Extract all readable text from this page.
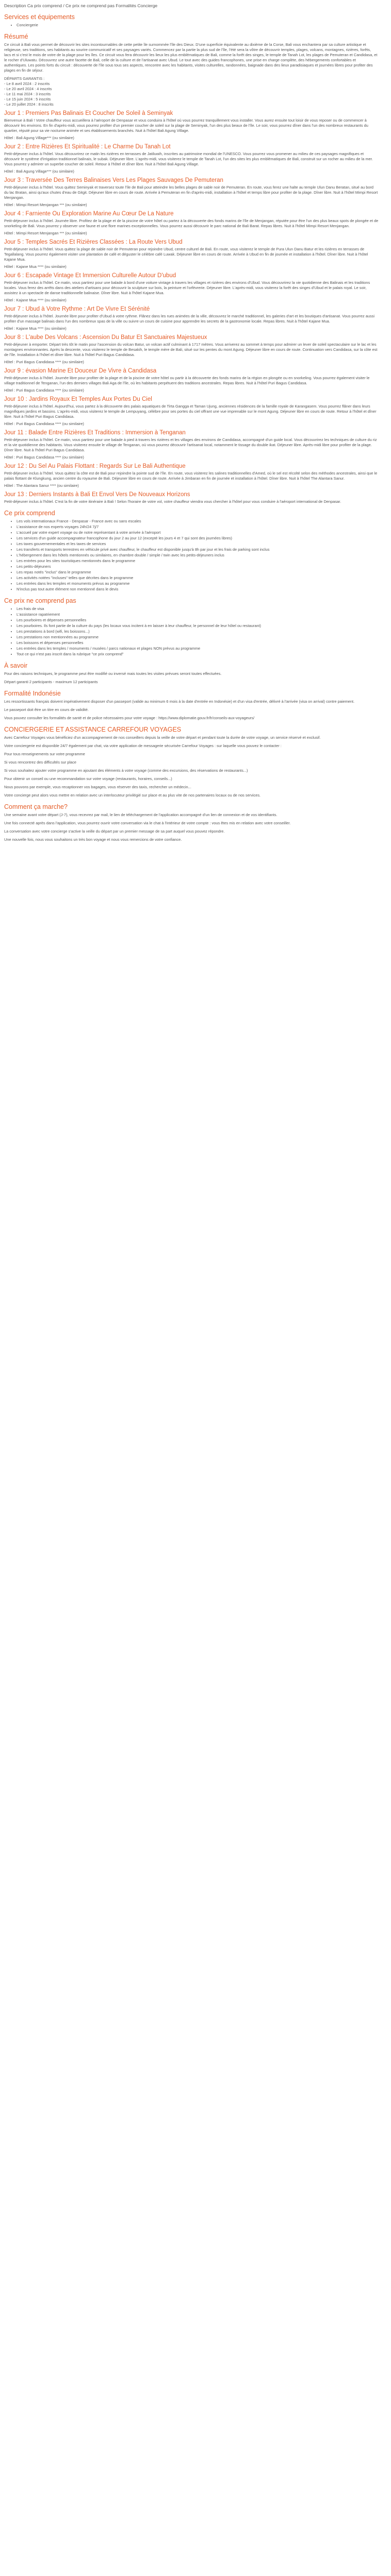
Description Ca prix comprend / Ce prix ne comprend pas Formalités Concierge
Services et équipements
• Conciergerie
Résumé

Ce circuit à Bali vous permet de découvrir les sites incontournables de cette petite île surnommée l'île des Dieux. D'une superficie équivalente au dixième de la Corse, Bali vous enchantera par sa culture artistique et religieuse, ses traditions, ses habitants au sourire communicatif et ses paysages variés. Commencez par la partie la plus sud de l'île, l'été sera la vôtre de découvrir temples, plages, volcans, montagnes, rizières, forêts, lacs et si c'est le mois de votre de la plage pour les îles. Ce circuit vous fera découvrir les lieux les plus emblématiques de Bali, comme la forêt des singes, le temple de Tanah Lot, les plages de Pemuteran et Candidasa, et le rocher d'Uluwatu. Découvrez une autre facette de Bali, celle de la culture et de l'artisanat avec Ubud. Le tout avec des guides francophones, une prise en charge complète, des hébergements confortables et authentiques. Les points forts du circuit : découverte de l'île sous tous ses aspects, rencontre avec les habitants, visites culturelles, randonnées, baignade dans des lieux paradisiaques et journées libres pour profiter des plages en fin de séjour.

DÉPARTS GARANTIS :
- Le 8 avril 2024 : 2 inscrits
- Le 20 avril 2024 : 4 inscrits
- Le 11 mai 2024 : 3 inscrits
- Le 15 juin 2024 : 5 inscrits
- Le 20 juillet 2024 : 8 inscrits
Jour 1 : Premiers Pas Balinais Et Coucher De Soleil à Seminyak

Bienvenue à Bali ! Votre chauffeur vous accueillera à l'aéroport de Denpasar et vous conduira à l'hôtel où vous pourrez tranquillement vous installer. Vous aurez ensuite tout loisir de vous reposer ou de commencer à découvrir les environs. En fin d'après-midi, vous pourrez profiter d'un premier coucher de soleil sur la plage de Seminyak, l'un des plus beaux de l'île. Le soir, vous pourrez dîner dans l'un des nombreux restaurants du quartier, réputé pour sa vie nocturne animée et ses établissements branchés. Nuit à l'hôtel Bali Agung Village.

Hôtel : Bali Agung Village*** (ou similaire)

Jour 2 : Entre Rizières Et Spiritualité : Le Charme Du Tanah Lot

Petit-déjeuner inclus à l'hôtel. Vous découvrirez ce matin les rizières en terrasses de Jatiluwih, inscrites au patrimoine mondial de l'UNESCO. Vous pourrez vous promener au milieu de ces paysages magnifiques et découvrir le système d'irrigation traditionnel balinais, le subak. Déjeuner libre. L'après-midi, vous visiterez le temple de Tanah Lot, l'un des sites les plus emblématiques de Bali, construit sur un rocher au milieu de la mer. Vous pourrez y admirer un superbe coucher de soleil. Retour à l'hôtel et dîner libre. Nuit à l'hôtel Bali Agung Village.

Hôtel : Bali Agung Village*** (ou similaire)

Jour 3 : Traversée Des Terres Balinaises Vers Les Plages Sauvages De Pemuteran

Petit-déjeuner inclus à l'hôtel. Vous quittez Seminyak et traversez toute l'île de Bali pour atteindre les belles plages de sable noir de Pemuteran. En route, vous ferez une halte au temple Ulun Danu Beratan, situé au bord du lac Bratan, ainsi qu'aux chutes d'eau de Gitgit. Déjeuner libre en cours de route. Arrivée à Pemuteran en fin d'après-midi, installation à l'hôtel et temps libre pour profiter de la plage. Dîner libre. Nuit à l'hôtel Mimpi Resort Menjangan.

Hôtel : Mimpi Resort Menjangan *** (ou similaire)

Jour 4 : Farniente Ou Exploration Marine Au Cœur De La Nature

Petit-déjeuner inclus à l'hôtel. Journée libre. Profitez de la plage et de la piscine de votre hôtel ou partez à la découverte des fonds marins de l'île de Menjangan, réputée pour être l'un des plus beaux spots de plongée et de snorkeling de Bali. Vous pourrez y observer une faune et une flore marines exceptionnelles. Vous pourrez aussi découvrir le parc national de Bali Barat. Repas libres. Nuit à l'hôtel Mimpi Resort Menjangan.

Hôtel : Mimpi Resort Menjangan *** (ou similaire)

Jour 5 : Temples Sacrés Et Rizières Classées : La Route Vers Ubud

Petit-déjeuner inclus à l'hôtel. Vous quittez la plage de sable noir de Pemuteran pour rejoindre Ubud, centre culturel de Bali. En route, vous visiterez le temple de Pura Ulun Danu Batur et les rizières en terrasses de Tegallalang. Vous pourrez également visiter une plantation de café et déguster le célèbre café Luwak. Déjeuner libre en cours de route. Arrivée à Ubud en fin de journée et installation à l'hôtel. Dîner libre. Nuit à l'hôtel Kajane Mua.

Hôtel : Kajane Mua **** (ou similaire)

Jour 6 : Escapade Vintage Et Immersion Culturelle Autour D'ubud

Petit-déjeuner inclus à l'hôtel. Ce matin, vous partirez pour une balade à bord d'une voiture vintage à travers les villages et rizières des environs d'Ubud. Vous découvrirez la vie quotidienne des Balinais et les traditions locales. Vous ferez des arrêts dans des ateliers d'artisans pour découvrir la sculpture sur bois, la peinture et l'orfèvrerie. Déjeuner libre. L'après-midi, vous visiterez la forêt des singes d'Ubud et le palais royal. Le soir, assistez à un spectacle de danse traditionnelle balinaise. Dîner libre. Nuit à l'hôtel Kajane Mua.

Hôtel : Kajane Mua **** (ou similaire)

Jour 7 : Ubud à Votre Rythme : Art De Vivre Et Sérénité

Petit-déjeuner inclus à l'hôtel. Journée libre pour profiter d'Ubud à votre rythme. Flânez dans les rues animées de la ville, découvrez le marché traditionnel, les galeries d'art et les boutiques d'artisanat. Vous pourrez aussi profiter d'un massage balinais dans l'un des nombreux spas de la ville ou suivre un cours de cuisine pour apprendre les secrets de la gastronomie locale. Repas libres. Nuit à l'hôtel Kajane Mua.

Hôtel : Kajane Mua **** (ou similaire)

Jour 8 : L'aube Des Volcans : Ascension Du Batur Et Sanctuaires Majestueux

Petit-déjeuner à emporter. Départ très tôt le matin pour l'ascension du volcan Batur, un volcan actif culminant à 1717 mètres. Vous arriverez au sommet à temps pour admirer un lever de soleil spectaculaire sur le lac et les montagnes environnantes. Après la descente, vous visiterez le temple de Besakih, le temple mère de Bali, situé sur les pentes du mont Agung. Déjeuner libre en cours de route. Continuation vers Candidasa, sur la côte est de l'île. Installation à l'hôtel et dîner libre. Nuit à l'hôtel Puri Bagus Candidasa.

Hôtel : Puri Bagus Candidasa **** (ou similaire)

Jour 9 : évasion Marine Et Douceur De Vivre à Candidasa

Petit-déjeuner inclus à l'hôtel. Journée libre pour profiter de la plage et de la piscine de votre hôtel ou partir à la découverte des fonds marins de la région en plongée ou en snorkeling. Vous pourrez également visiter le village traditionnel de Tenganan, l'un des derniers villages Bali Aga de l'île, où les habitants perpétuent des traditions ancestrales. Repas libres. Nuit à l'hôtel Puri Bagus Candidasa.

Hôtel : Puri Bagus Candidasa **** (ou similaire)

Jour 10 : Jardins Royaux Et Temples Aux Portes Du Ciel

Petit-déjeuner inclus à l'hôtel. Aujourd'hui, vous partez à la découverte des palais aquatiques de Tirta Gangga et Taman Ujung, anciennes résidences de la famille royale de Karangasem. Vous pourrez flâner dans leurs magnifiques jardins et bassins. L'après-midi, vous visiterez le temple de Lempuyang, célèbre pour ses portes du ciel offrant une vue imprenable sur le mont Agung. Déjeuner libre en cours de route. Retour à l'hôtel et dîner libre. Nuit à l'hôtel Puri Bagus Candidasa.

Hôtel : Puri Bagus Candidasa **** (ou similaire)

Jour 11 : Balade Entre Rizières Et Traditions : Immersion à Tenganan

Petit-déjeuner inclus à l'hôtel. Ce matin, vous partirez pour une balade à pied à travers les rizières et les villages des environs de Candidasa, accompagné d'un guide local. Vous découvrirez les techniques de culture du riz et la vie quotidienne des habitants. Vous visiterez ensuite le village de Tenganan, où vous pourrez découvrir l'artisanat local, notamment le tissage du double ikat. Déjeuner libre. Après-midi libre pour profiter de la plage. Dîner libre. Nuit à l'hôtel Puri Bagus Candidasa.

Hôtel : Puri Bagus Candidasa **** (ou similaire)

Jour 12 : Du Sel Au Palais Flottant : Regards Sur Le Bali Authentique

Petit-déjeuner inclus à l'hôtel. Vous quittez la côte est de Bali pour rejoindre la pointe sud de l'île. En route, vous visiterez les salines traditionnelles d'Amed, où le sel est récolté selon des méthodes ancestrales, ainsi que le palais flottant de Klungkung, ancien centre du royaume de Bali. Déjeuner libre en cours de route. Arrivée à Jimbaran en fin de journée et installation à l'hôtel. Dîner libre. Nuit à l'hôtel The Alantara Sanur.

Hôtel : The Alantara Sanur **** (ou similaire)

Jour 13 : Derniers Instants à Bali Et Envol Vers De Nouveaux Horizons

Petit-déjeuner inclus à l'hôtel. C'est la fin de votre itinéraire à Bali ! Selon l'horaire de votre vol, votre chauffeur viendra vous chercher à l'hôtel pour vous conduire à l'aéroport international de Denpasar.

Ce prix comprend
• Les vols internationaux France - Denpasar - France avec ou sans escales
• L'assistance de nos experts voyages 24h/24 7j/7
• L'accueil par votre expert voyage ou de notre représentant à votre arrivée à l'aéroport
• Les services d'un guide accompagnateur francophone du jour 2 au jour 12 (excepté les jours 4 et 7 qui sont des journées libres)
• Les taxes gouvernementales et les taxes de services
• Les transferts et transports terrestres en véhicule privé avec chauffeur, le chauffeur est disponible jusqu'à 8h par jour et les frais de parking sont inclus
• L'hébergement dans les hôtels mentionnés ou similaires, en chambre double / simple / twin avec les petits-déjeuners inclus
• Les entrées pour les sites touristiques mentionnés dans le programme
• Les petits-déjeuners
• Les repas notés "inclus" dans le programme
• Les activités notées "incluses" telles que décrites dans le programme
• Les entrées dans les temples et monuments prévus au programme
• N'inclus pas tout autre élément non mentionné dans le devis
Ce prix ne comprend pas
• Les frais de visa
• L'assistance rapatriement
• Les pourboires et dépenses personnelles
• Les pourboires. Ils font partie de la culture du pays (les locaux vous incitent à en laisser à leur chauffeur, le personnel de leur hôtel ou restaurant)
• Les prestations à bord (wifi, les boissons...)
• Les prestations non mentionnées au programme
• Les boissons et dépenses personnelles
• Les entrées dans les temples / monuments / musées / parcs nationaux et plages NON prévus au programme
• Tout ce qui n'est pas inscrit dans la rubrique "ce prix comprend"
À savoir

Pour des raisons techniques, le programme peut être modifié ou inversé mais toutes les visites prévues seront toutes effectuées.

Départ garanti 2 participants - maximum 12 participants

Formalité Indonésie

Les ressortissants français doivent impérativement disposer d'un passeport (valide au minimum 6 mois à la date d'entrée en Indonésie) et d'un visa d'entrée, délivré à l'arrivée (visa on arrival) contre paiement.

Le passeport doit être un titre en cours de validité.

Vous pouvez consulter les formalités de santé et de police nécessaires pour votre voyage : https://www.diplomatie.gouv.fr/fr/conseils-aux-voyageurs/

CONCIERGERIE ET ASSISTANCE CARREFOUR VOYAGES

Avec Carrefour Voyages vous bénéficiez d'un accompagnement de nos conseillers depuis la veille de votre départ et pendant toute la durée de votre voyage, un service réservé et exclusif.

Votre conciergerie est disponible 24/7 également par chat, via votre application de messagerie sécurisée Carrefour Voyages : sur laquelle vous pouvez le contacter :

Pour tous renseignements sur votre programme

Si vous rencontrez des difficultés sur place

Si vous souhaitez ajouter votre programme en ajoutant des éléments à votre voyage (comme des excursions, des réservations de restaurants...)

Pour obtenir un conseil ou une recommandation sur votre voyage (restaurants, horaires, conseils...)

Nous pouvons par exemple, vous recaptionner vos bagages, vous réserver des taxis, rechercher un médecin...

Votre concierge peut alors vous mettre en relation avec un interlocuteur privilégié sur place et au plus vite de nos partenaires locaux ou de nos services.

Comment ça marche?

Une semaine avant votre départ (J-7), vous recevrez par mail, le lien de téléchargement de l'application accompagné d'un lien de connexion et de vos identifiants.

Une fois connecté après dans l'application, vous pourrez ouvrir votre conversation via le chat à l'intérieur de votre compte : vous êtes mis en relation avec votre conseiller.

La conversation avec votre concierge s'active la veille du départ par un premier message de sa part auquel vous pouvez répondre.

Une nouvelle fois, nous vous souhaitons un très bon voyage et nous vous remercions de votre confiance.
